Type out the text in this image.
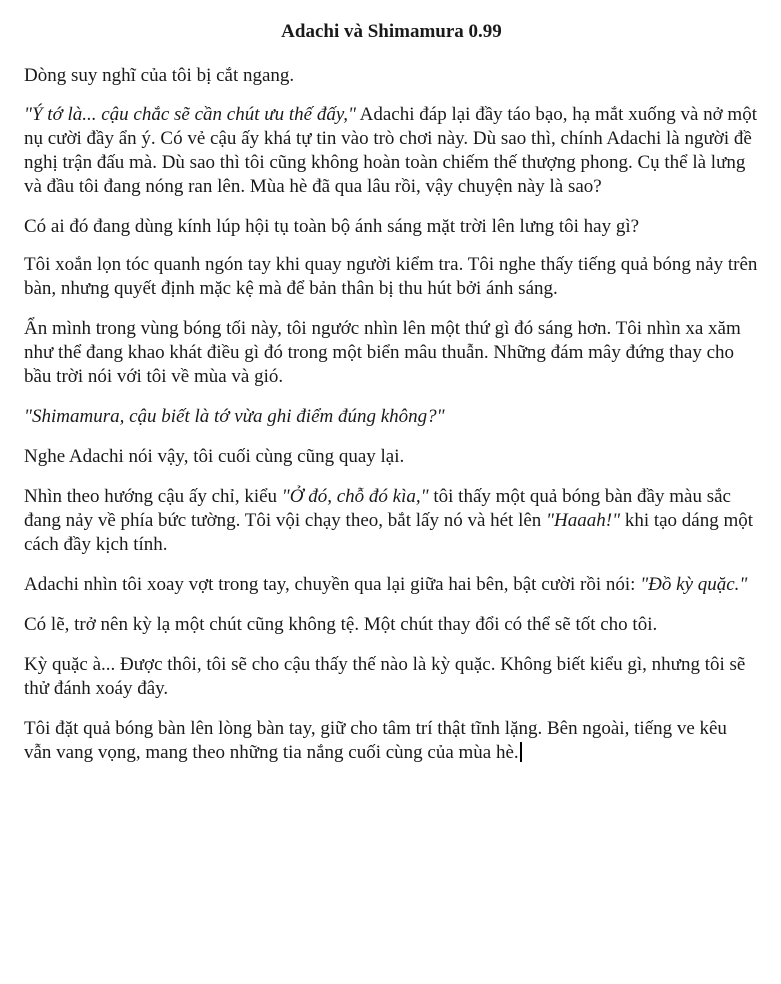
Adachi và Shimamura 0.99

Dòng suy nghĩ của tôi bị cắt ngang.

"Ý tớ là... cậu chắc sẽ cần chút ưu thế đấy," Adachi đáp lại đầy táo bạo, hạ mắt xuống và nở một nụ cười đầy ẩn ý. Có vẻ cậu ấy khá tự tin vào trò chơi này. Dù sao thì, chính Adachi là người đề nghị trận đấu mà. Dù sao thì tôi cũng không hoàn toàn chiếm thế thượng phong. Cụ thể là lưng và đầu tôi đang nóng ran lên. Mùa hè đã qua lâu rồi, vậy chuyện này là sao?

Có ai đó đang dùng kính lúp hội tụ toàn bộ ánh sáng mặt trời lên lưng tôi hay gì?

Tôi xoắn lọn tóc quanh ngón tay khi quay người kiểm tra. Tôi nghe thấy tiếng quả bóng nảy trên bàn, nhưng quyết định mặc kệ mà để bản thân bị thu hút bởi ánh sáng.

Ẩn mình trong vùng bóng tối này, tôi ngước nhìn lên một thứ gì đó sáng hơn. Tôi nhìn xa xăm như thể đang khao khát điều gì đó trong một biển mâu thuẫn. Những đám mây đứng thay cho bầu trời nói với tôi về mùa và gió.

"Shimamura, cậu biết là tớ vừa ghi điểm đúng không?"

Nghe Adachi nói vậy, tôi cuối cùng cũng quay lại.

Nhìn theo hướng cậu ấy chỉ, kiểu "Ở đó, chỗ đó kìa," tôi thấy một quả bóng bàn đầy màu sắc đang nảy về phía bức tường. Tôi vội chạy theo, bắt lấy nó và hét lên "Haaah!" khi tạo dáng một cách đầy kịch tính.

Adachi nhìn tôi xoay vợt trong tay, chuyền qua lại giữa hai bên, bật cười rồi nói: "Đồ kỳ quặc."

Có lẽ, trở nên kỳ lạ một chút cũng không tệ. Một chút thay đổi có thể sẽ tốt cho tôi.

Kỳ quặc à... Được thôi, tôi sẽ cho cậu thấy thế nào là kỳ quặc. Không biết kiểu gì, nhưng tôi sẽ thử đánh xoáy đây.

Tôi đặt quả bóng bàn lên lòng bàn tay, giữ cho tâm trí thật tĩnh lặng. Bên ngoài, tiếng ve kêu vẫn vang vọng, mang theo những tia nắng cuối cùng của mùa hè.
